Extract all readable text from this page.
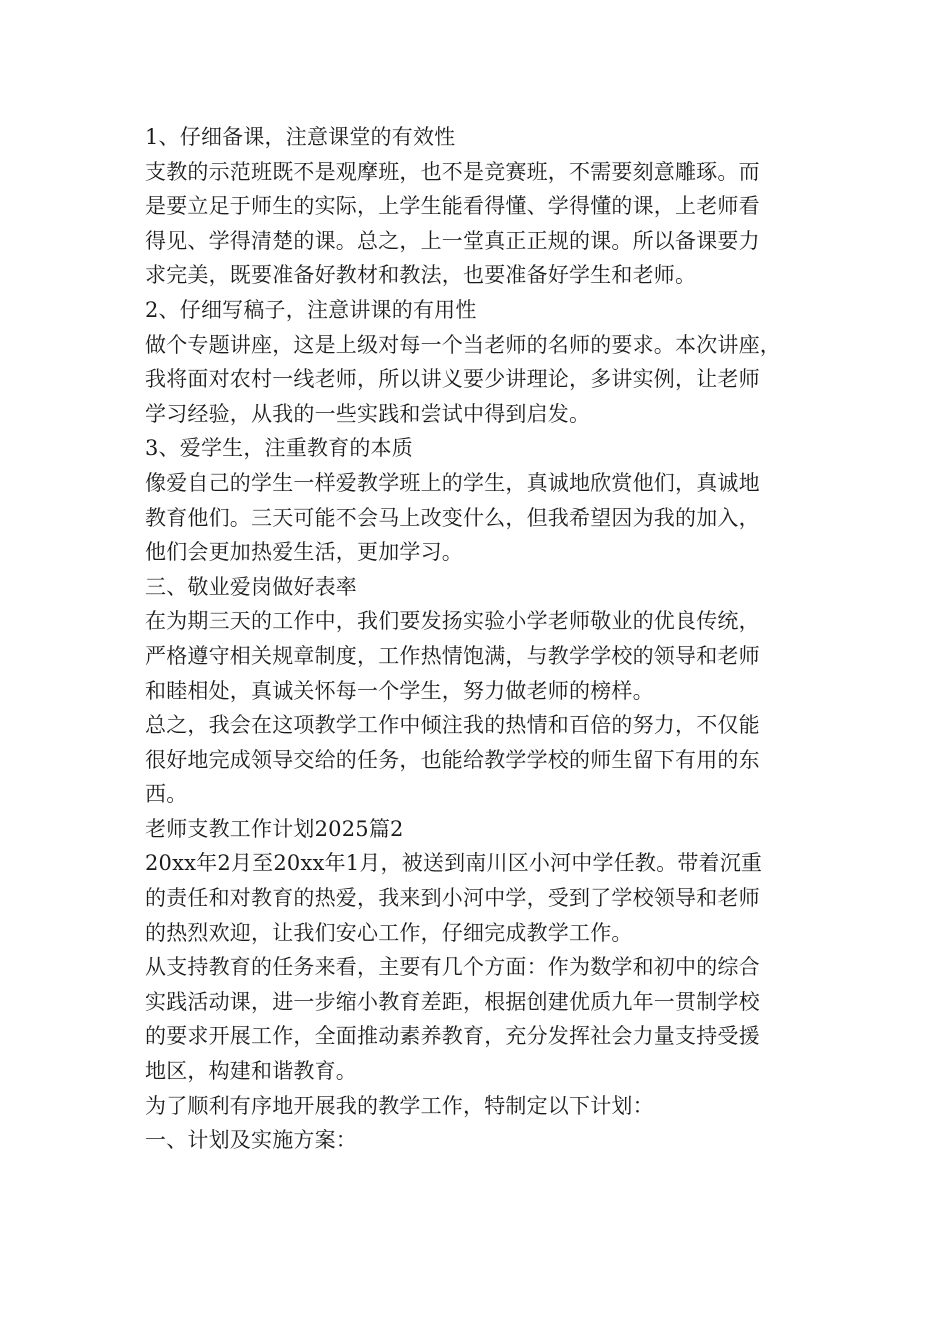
1、仔细备课，注意课堂的有效性
支教的示范班既不是观摩班，也不是竞赛班，不需要刻意雕琢。而
是要立足于师生的实际，上学生能看得懂、学得懂的课，上老师看
得见、学得清楚的课。总之，上一堂真正正规的课。所以备课要力
求完美，既要准备好教材和教法，也要准备好学生和老师。
2、仔细写稿子，注意讲课的有用性
做个专题讲座，这是上级对每一个当老师的名师的要求。本次讲座，
我将面对农村一线老师，所以讲义要少讲理论，多讲实例，让老师
学习经验，从我的一些实践和尝试中得到启发。
3、爱学生，注重教育的本质
像爱自己的学生一样爱教学班上的学生，真诚地欣赏他们，真诚地
教育他们。三天可能不会马上改变什么，但我希望因为我的加入，
他们会更加热爱生活，更加学习。
三、敬业爱岗做好表率
在为期三天的工作中，我们要发扬实验小学老师敬业的优良传统，
严格遵守相关规章制度，工作热情饱满，与教学学校的领导和老师
和睦相处，真诚关怀每一个学生，努力做老师的榜样。
总之，我会在这项教学工作中倾注我的热情和百倍的努力，不仅能
很好地完成领导交给的任务，也能给教学学校的师生留下有用的东
西。
老师支教工作计划2025篇2
20xx年2月至20xx年1月，被送到南川区小河中学任教。带着沉重
的责任和对教育的热爱，我来到小河中学，受到了学校领导和老师
的热烈欢迎，让我们安心工作，仔细完成教学工作。
从支持教育的任务来看，主要有几个方面：作为数学和初中的综合
实践活动课，进一步缩小教育差距，根据创建优质九年一贯制学校
的要求开展工作，全面推动素养教育，充分发挥社会力量支持受援
地区，构建和谐教育。
为了顺利有序地开展我的教学工作，特制定以下计划：
一、计划及实施方案：
